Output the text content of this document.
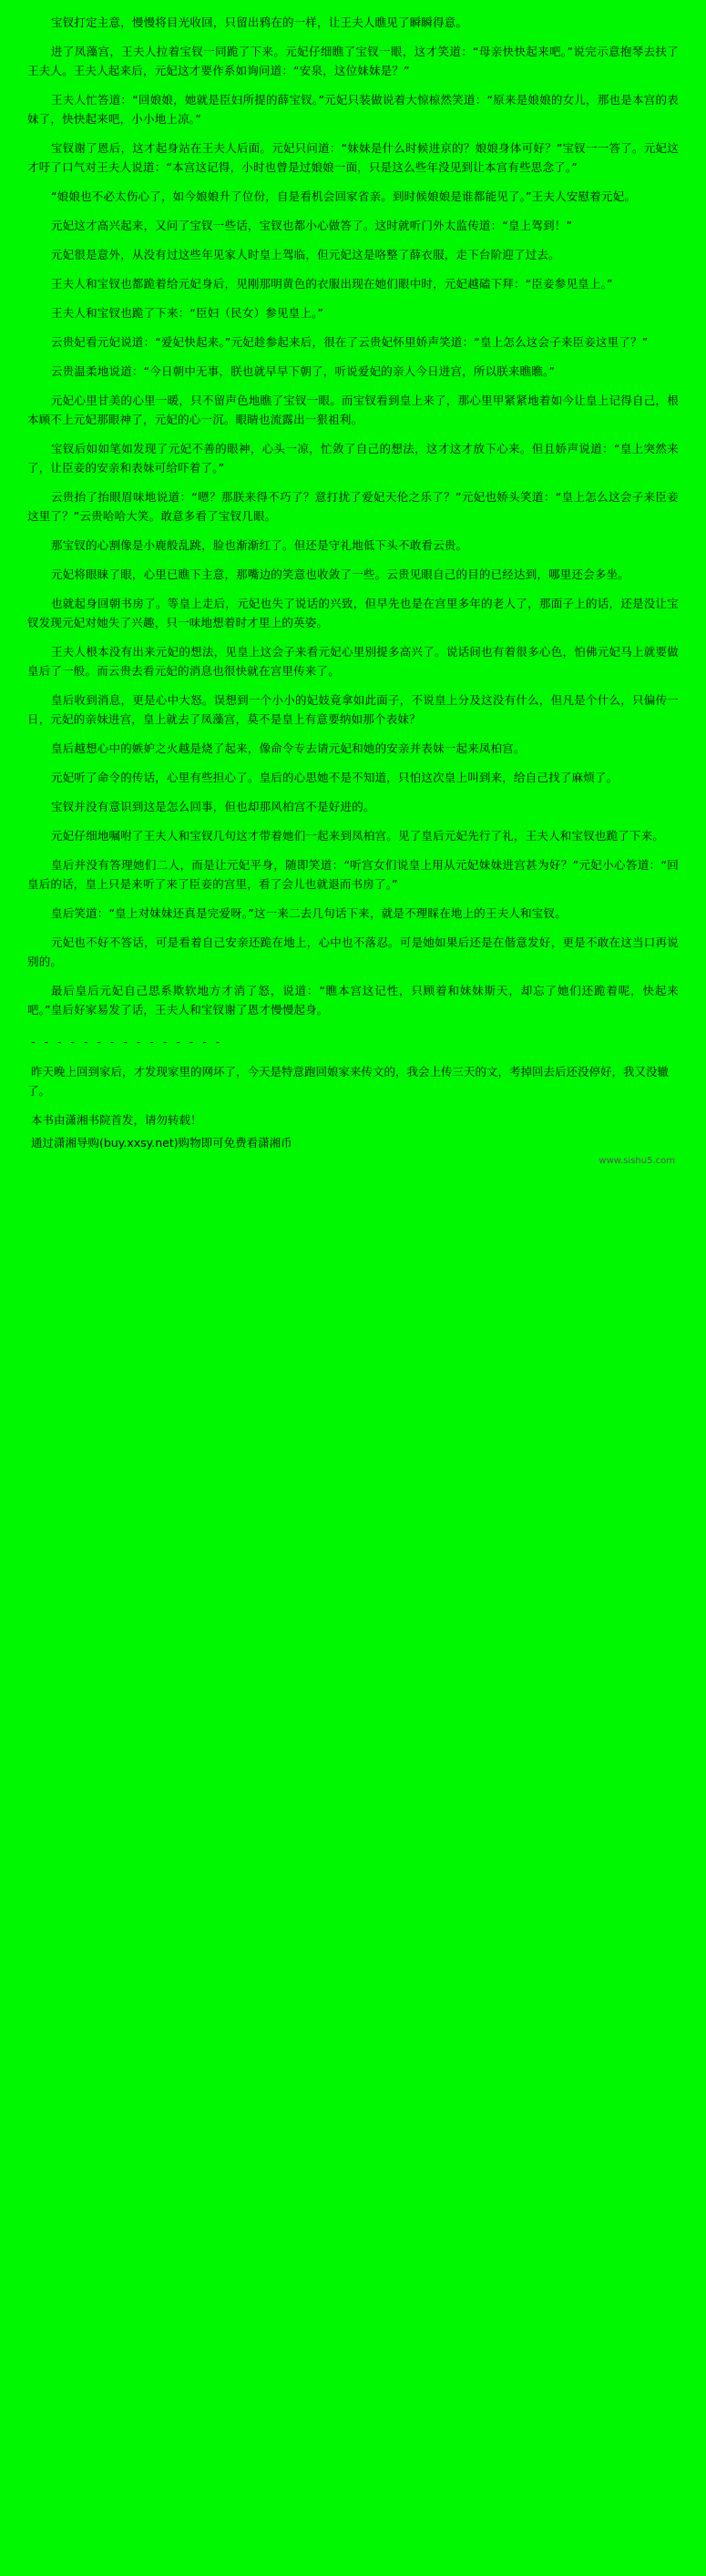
宝钗打定主意，慢慢将目光收回，只留出鸦在的一样，让王夫人瞧见了瞬瞬得意。

进了凤藻宫，王夫人拉着宝钗一同跪了下来。元妃仔细瞧了宝钗一眼，这才笑道：“母亲快快起来吧。”说完示意抱琴去扶了王夫人。王夫人起来后，元妃这才要作系如询问道：“安泉，这位妹妹是？”

王夫人忙答道：“回娘娘，她就是臣妇所提的薛宝钗。”元妃只装做说着大惊椋然笑道：“原来是娘娘的女儿，那也是本宫的表妹了，快快起来吧，小小地上凉。”

宝钗谢了恩后，这才起身站在王夫人后面。元妃只问道：“妹妹是什么时候进京的？娘娘身体可好？”宝钗一一答了。元妃这才吁了口气对王夫人说道：“本宫这记得，小时也曾是过娘娘一面，只是这么些年没见到让本宫有些思念了。”

“娘娘也不必太伤心了，如今娘娘升了位份，自是看机会回家省亲。到时候娘娘是谁都能见了。”王夫人安慰着元妃。

元妃这才高兴起来，又问了宝钗一些话，宝钗也都小心做答了。这时就听门外太监传道：“皇上驾到！”

元妃很是意外，从没有过这些年见家人时皇上驾临，但元妃这是咯整了薛衣服，走下台阶迎了过去。

王夫人和宝钗也都跪着给元妃身后，见刚那明黄色的衣服出现在她们眼中时，元妃越磕下拜：“臣妾参见皇上。”

王夫人和宝钗也跪了下来：“臣妇（民女）参见皇上。”

云贵妃看元妃说道：“爱妃快起来。”元妃趁参起来后，很在了云贵妃怀里娇声笑道：“皇上怎么这会子来臣妾这里了？”

云贵温柔地说道：“今日朝中无事，朕也就早早下朝了，听说爱妃的亲人今日进宫，所以朕来瞧瞧。”

元妃心里甘美的心里一暖，只不留声色地瞧了宝钗一眼。而宝钗看到皇上来了，那心里甲紧紧地着如今让皇上记得自己，根本顾不上元妃那眼神了，元妃的心一沉。眼睛也流露出一狠祖利。

宝钗后如如笔如发现了元妃不善的眼神，心头一凉，忙敛了自己的想法，这才这才放下心来。但且娇声说道：“皇上突然来了，让臣妾的安亲和表妹可给吓着了。”

云贵抬了抬眼眉味地说道：“嗯？那朕来得不巧了？意打扰了爱妃天伦之乐了？”元妃也娇头笑道：“皇上怎么这会子来臣妾这里了？”云贵哈哈大笑。敢意多看了宝钗几眼。

那宝钗的心割像是小鹿般乱跳，脸也渐渐红了。但还是守礼地低下头不敢看云贵。

元妃将眼睐了眼，心里已瞧下主意，那嘴边的笑意也收敛了一些。云贵见眼自己的目的已经达到，哪里还会多坐。

也就起身回朝书房了。等皇上走后，元妃也失了说话的兴致，但早先也是在宫里多年的老人了，那面子上的话，还是没让宝钗发现元妃对她失了兴趣，只一味地想着时才里上的英姿。

王夫人根本没有出来元妃的想法，见皇上这会子来看元妃心里别提多高兴了。说话间也有着很多心色，怕佛元妃马上就要做皇后了一般。而云贵去看元妃的消息也很快就在宫里传来了。

皇后收到消息，更是心中大怒。误想到一个小小的妃妓竟拿如此面子，不说皇上分及这没有什么，但凡是个什么，只偏传一日，元妃的亲妹进宫，皇上就去了凤藻宫，莫不是皇上有意要纳如那个表妹？

皇后越想心中的嫉妒之火越是烧了起来，像命令专去请元妃和她的安亲并表妹一起来凤柏宫。

元妃听了命令的传话，心里有些担心了。皇后的心思她不是不知道，只怕这次皇上叫到来，给自己找了麻烦了。

宝钗并没有意识到这是怎么回事，但也却那风柏宫不是好进的。

元妃仔细地嘱咐了王夫人和宝钗几句这才带着她们一起来到凤柏宫。见了皇后元妃先行了礼，王夫人和宝钗也跪了下来。

皇后并没有答理她们二人，而是让元妃平身，随即笑道：“听宫女们说皇上用从元妃妹妹进宫甚为好？”元妃小心答道：“回皇后的话，皇上只是来听了来了臣妾的宫里，看了会儿也就退而书房了。”

皇后笑道：“皇上对妹妹还真是完爱呀。”这一来二去几句话下来，就是不理睬在地上的王夫人和宝钗。

元妃也不好不答话，可是看着自己安亲还跪在地上，心中也不落忍。可是她如果后还是在偕意发好，更是不敢在这当口再说别的。

最后皇后元妃自己思系欺软地方才消了怒，说道：“瞧本宫这记性，只顾着和妹妹斯天，却忘了她们还跪着呢，快起来吧。”皇后好家易发了话，王夫人和宝钗谢了恩才慢慢起身。

- - - - - - - - - - - - - - -
昨天晚上回到家后，才发现家里的网坏了，今天是特意跑回娘家来传文的，我会上传三天的文，考掉回去后还没停好，我又没辙了。
本书由潇湘书院首发，请勿转载！
通过潇湘导购(buy.xxsy.net)购物即可免费看潇湘币
www.sishu5.com
